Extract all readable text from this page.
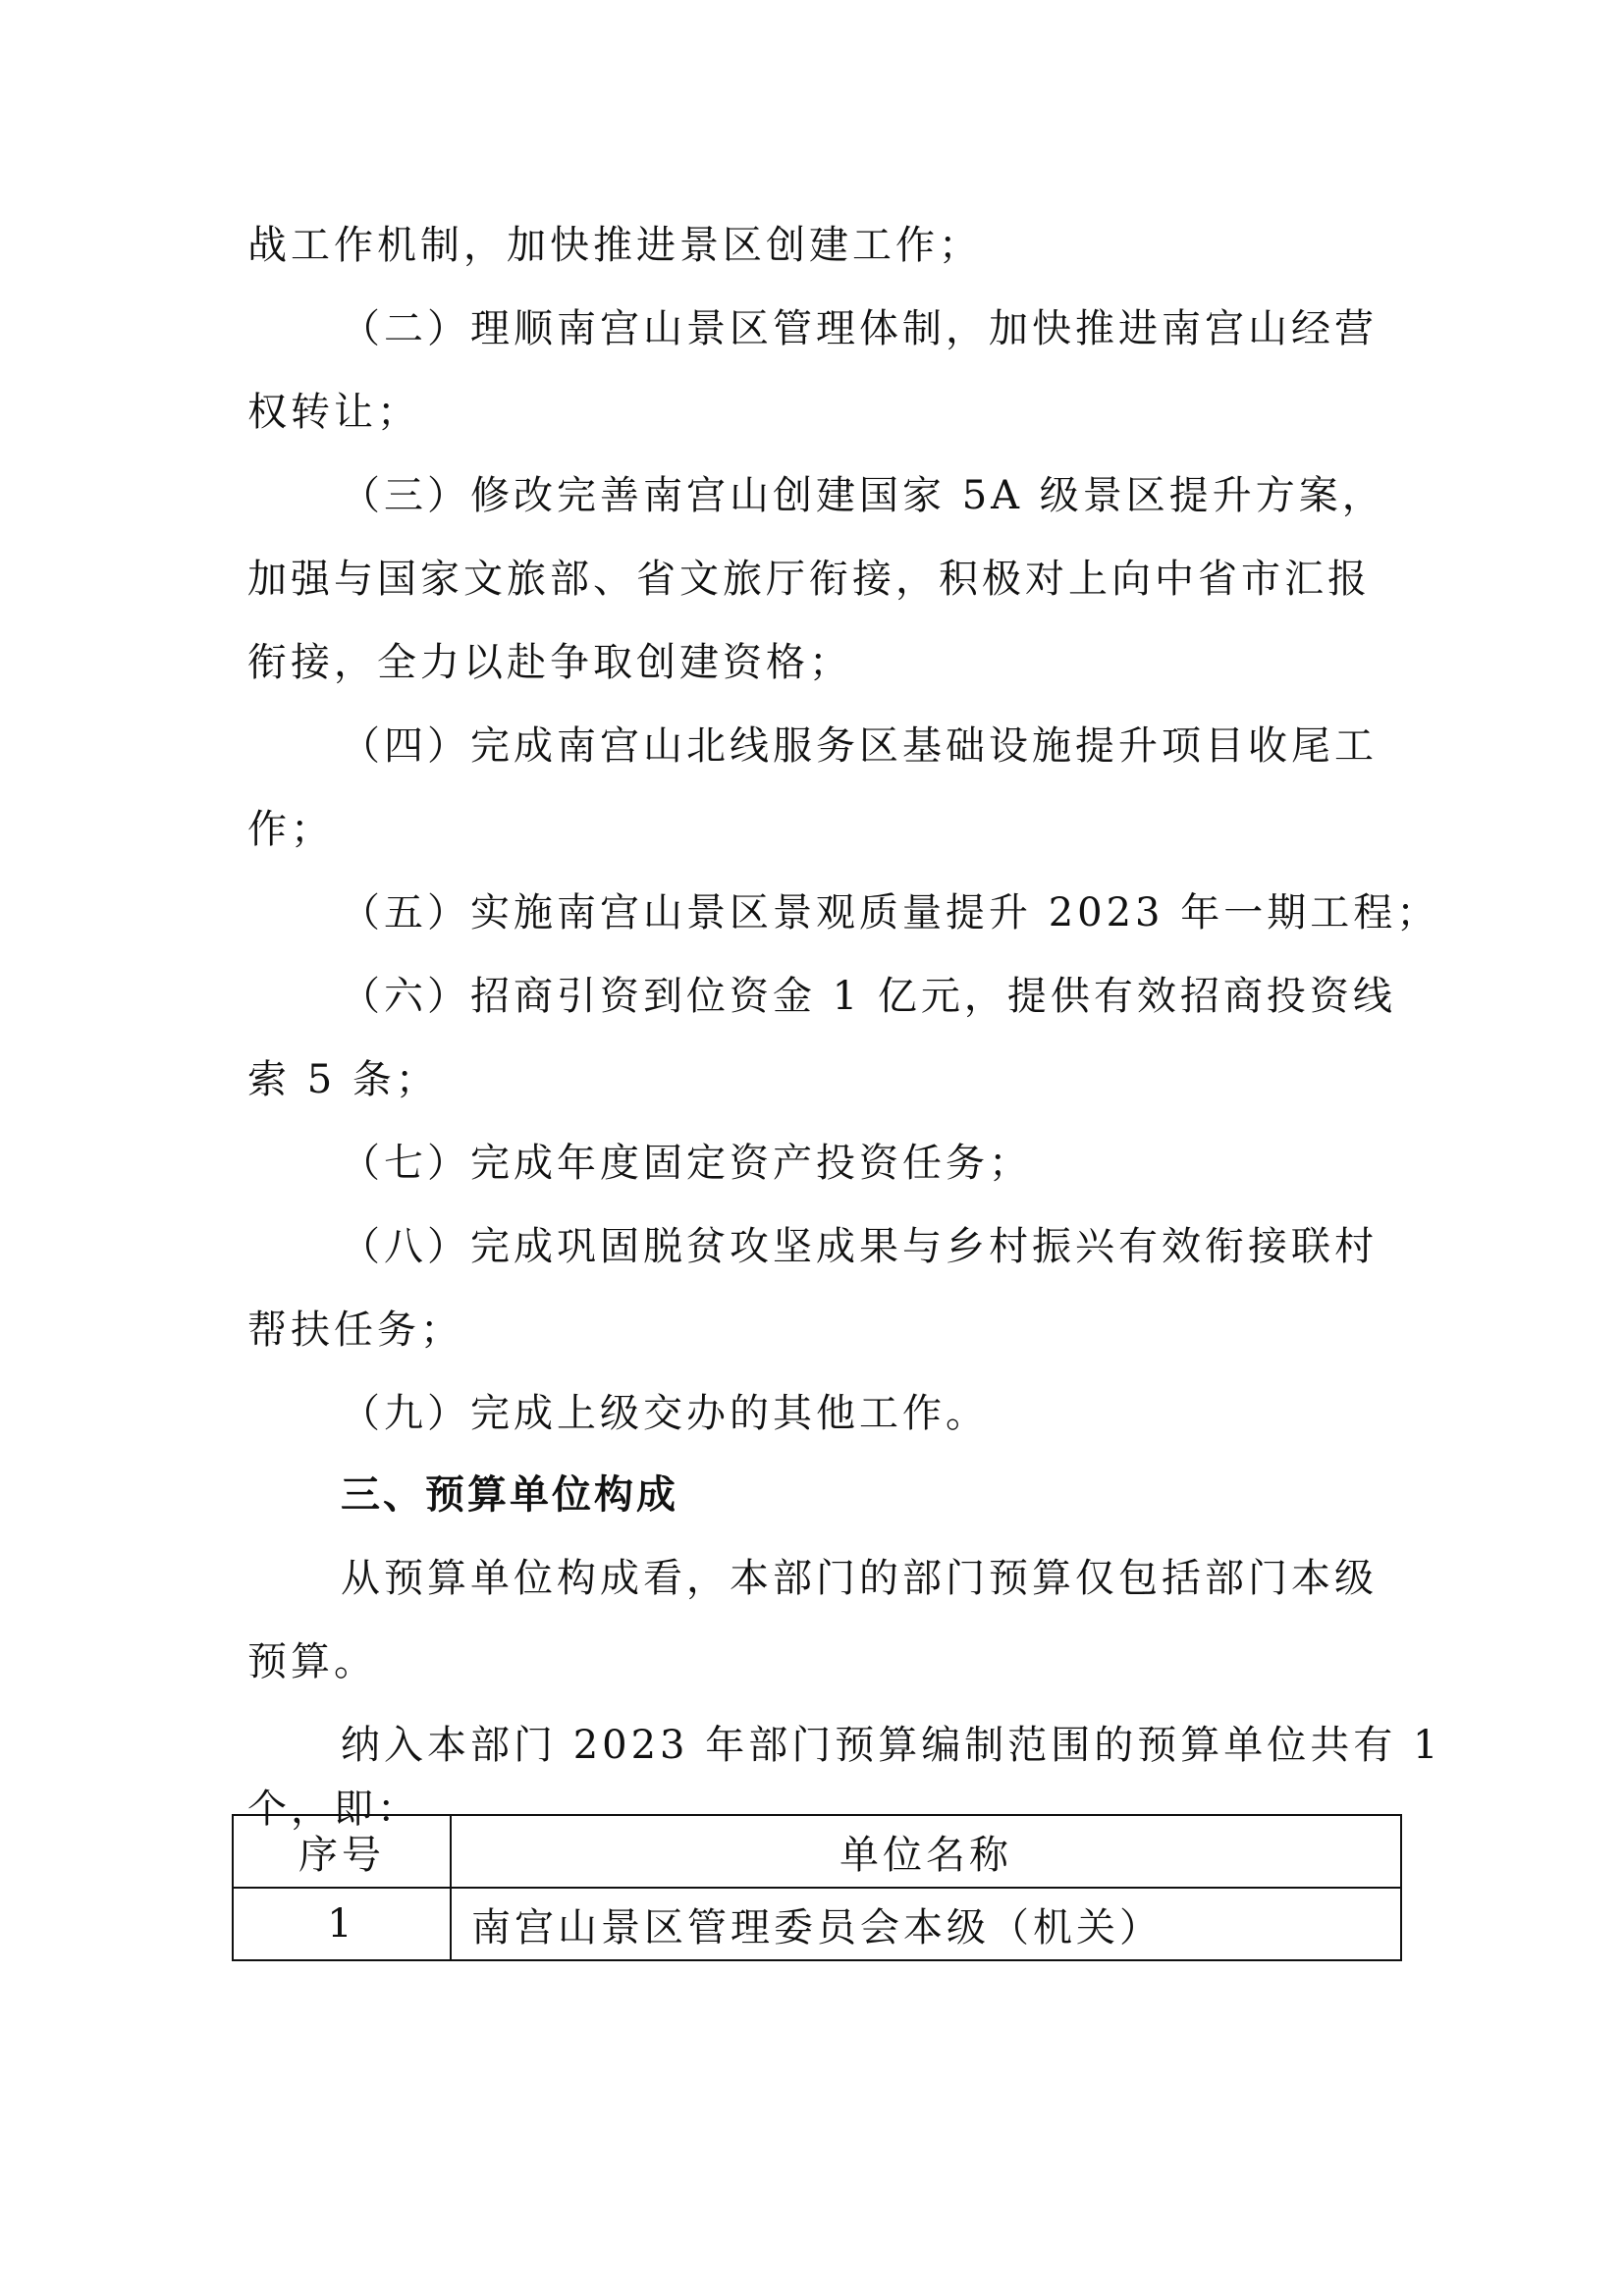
战工作机制，加快推进景区创建工作；
（二）理顺南宫山景区管理体制，加快推进南宫山经营
权转让；
（三）修改完善南宫山创建国家 5A 级景区提升方案，
加强与国家文旅部、省文旅厅衔接，积极对上向中省市汇报
衔接，全力以赴争取创建资格；
（四）完成南宫山北线服务区基础设施提升项目收尾工
作；
（五）实施南宫山景区景观质量提升 2023 年一期工程；
（六）招商引资到位资金 1 亿元，提供有效招商投资线
索 5 条；
（七）完成年度固定资产投资任务；
（八）完成巩固脱贫攻坚成果与乡村振兴有效衔接联村
帮扶任务；
（九）完成上级交办的其他工作。
三、预算单位构成
从预算单位构成看，本部门的部门预算仅包括部门本级
预算。
纳入本部门 2023 年部门预算编制范围的预算单位共有 1
个，即：
序号	单位名称
1	南宫山景区管理委员会本级（机关）
